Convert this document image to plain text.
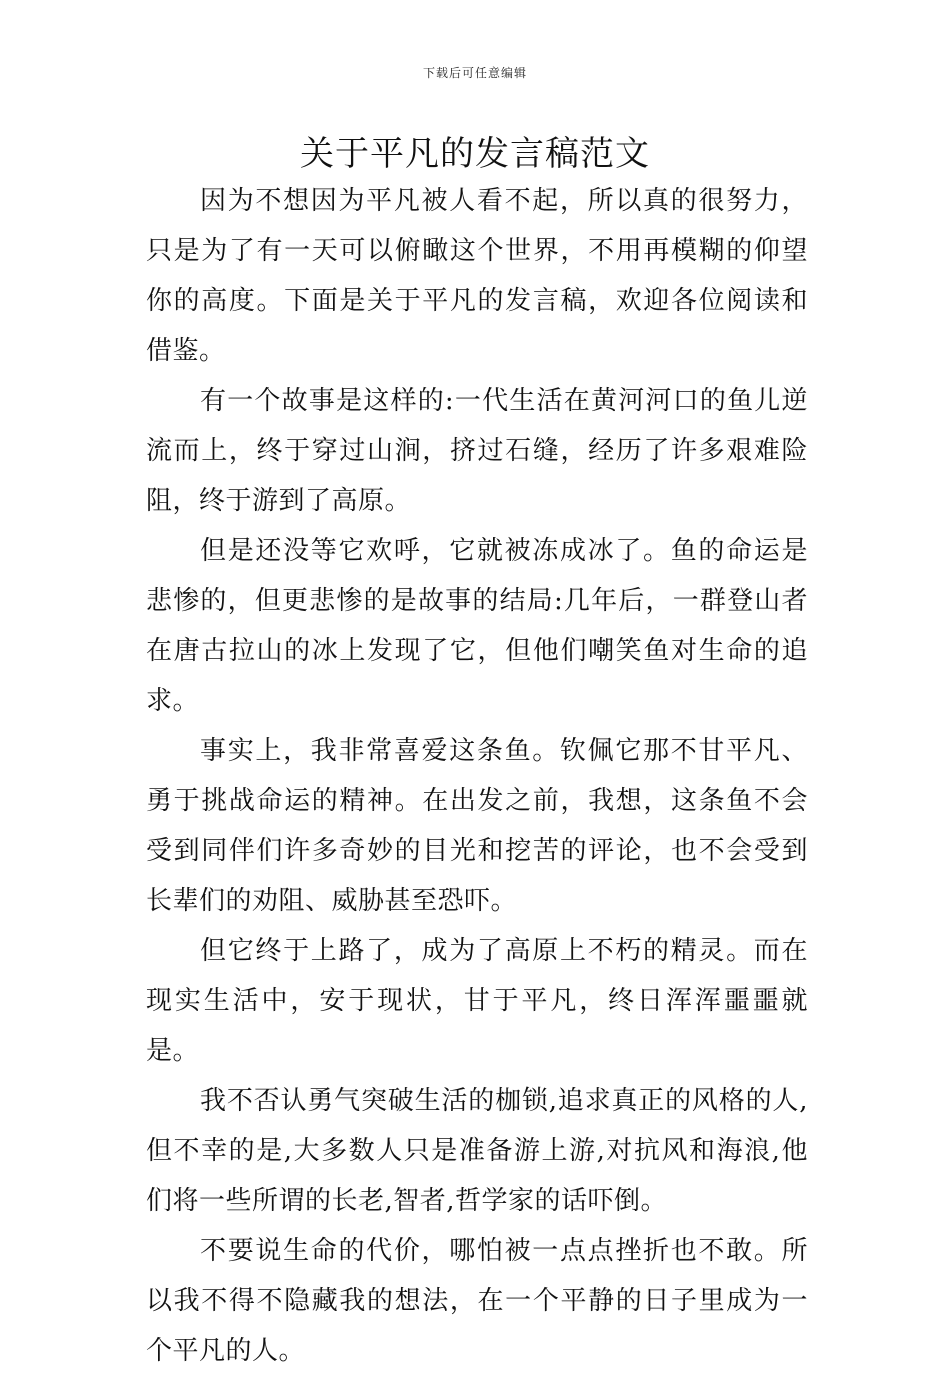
下载后可任意编辑
关于平凡的发言稿范文

因为不想因为平凡被人看不起，所以真的很努力，只是为了有一天可以俯瞰这个世界，不用再模糊的仰望你的高度。下面是关于平凡的发言稿，欢迎各位阅读和借鉴。

有一个故事是这样的:一代生活在黄河河口的鱼儿逆流而上，终于穿过山涧，挤过石缝，经历了许多艰难险阻，终于游到了高原。

但是还没等它欢呼，它就被冻成冰了。鱼的命运是悲惨的，但更悲惨的是故事的结局:几年后，一群登山者在唐古拉山的冰上发现了它，但他们嘲笑鱼对生命的追求。

事实上，我非常喜爱这条鱼。钦佩它那不甘平凡、勇于挑战命运的精神。在出发之前，我想，这条鱼不会受到同伴们许多奇妙的目光和挖苦的评论，也不会受到长辈们的劝阻、威胁甚至恐吓。

但它终于上路了，成为了高原上不朽的精灵。而在现实生活中，安于现状，甘于平凡，终日浑浑噩噩就是。

我不否认勇气突破生活的枷锁,追求真正的风格的人,但不幸的是,大多数人只是准备游上游,对抗风和海浪,他们将一些所谓的长老,智者,哲学家的话吓倒。

不要说生命的代价，哪怕被一点点挫折也不敢。所以我不得不隐藏我的想法，在一个平静的日子里成为一个平凡的人。
